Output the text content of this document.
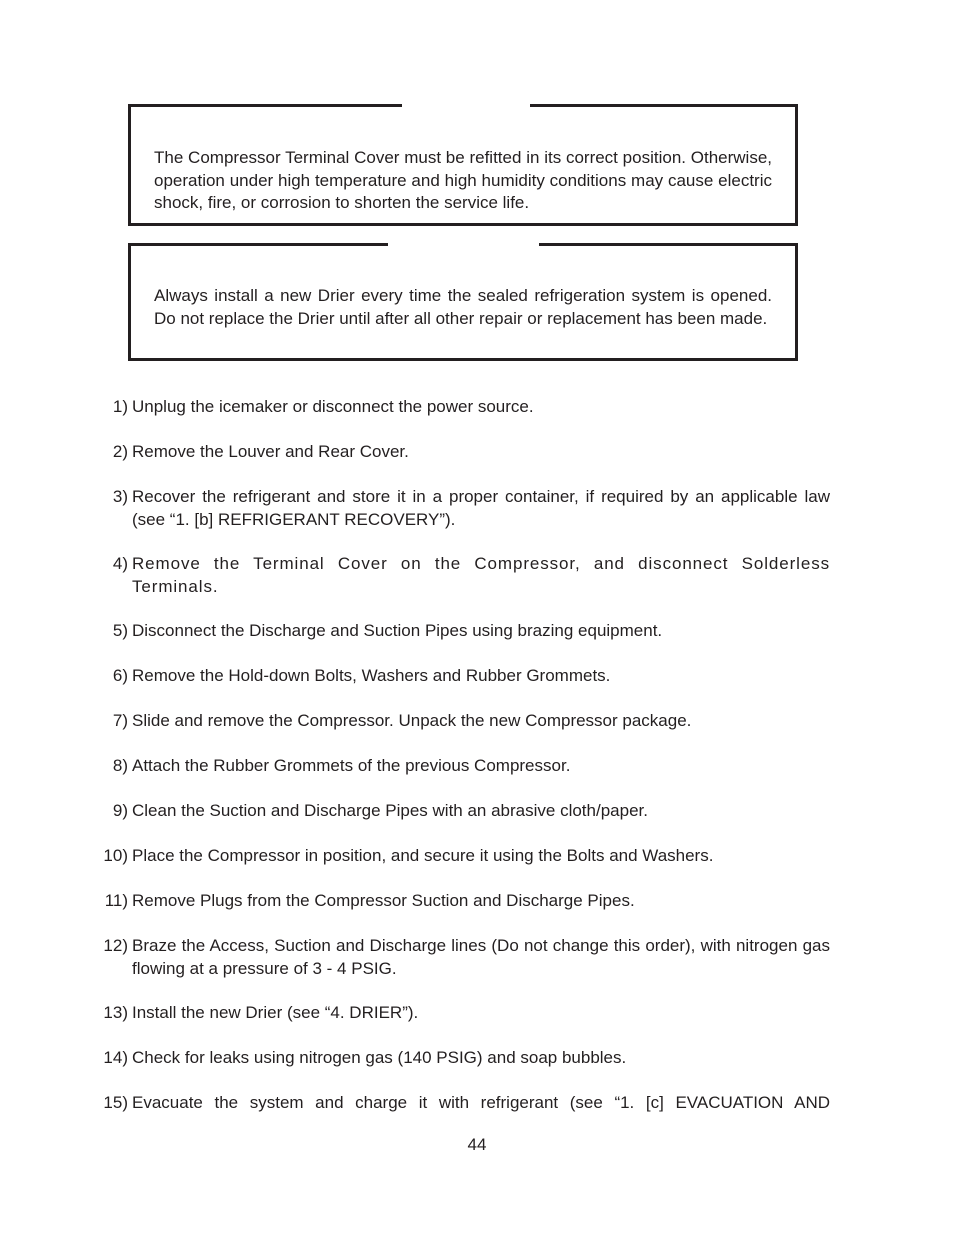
The Compressor Terminal Cover must be refitted in its correct position. Otherwise, operation under high temperature and high humidity conditions may cause electric shock, fire, or corrosion to shorten the service life.

Always install a new Drier every time the sealed refrigeration system is opened. Do not replace the Drier until after all other repair or replacement has been made.

1) Unplug the icemaker or disconnect the power source.
2) Remove the Louver and Rear Cover.
3) Recover the refrigerant and store it in a proper container, if required by an applicable law (see “1. [b] REFRIGERANT RECOVERY”).
4) Remove the Terminal Cover on the Compressor, and disconnect Solderless Terminals.
5) Disconnect the Discharge and Suction Pipes using brazing equipment.
6) Remove the Hold-down Bolts, Washers and Rubber Grommets.
7) Slide and remove the Compressor. Unpack the new Compressor package.
8) Attach the Rubber Grommets of the previous Compressor.
9) Clean the Suction and Discharge Pipes with an abrasive cloth/paper.
10) Place the Compressor in position, and secure it using the Bolts and Washers.
11) Remove Plugs from the Compressor Suction and Discharge Pipes.
12) Braze the Access, Suction and Discharge lines (Do not change this order), with nitrogen gas flowing at a pressure of 3 - 4 PSIG.
13) Install the new Drier (see “4. DRIER”).
14) Check for leaks using nitrogen gas (140 PSIG) and soap bubbles.
15) Evacuate the system and charge it with refrigerant (see “1. [c] EVACUATION AND
44
